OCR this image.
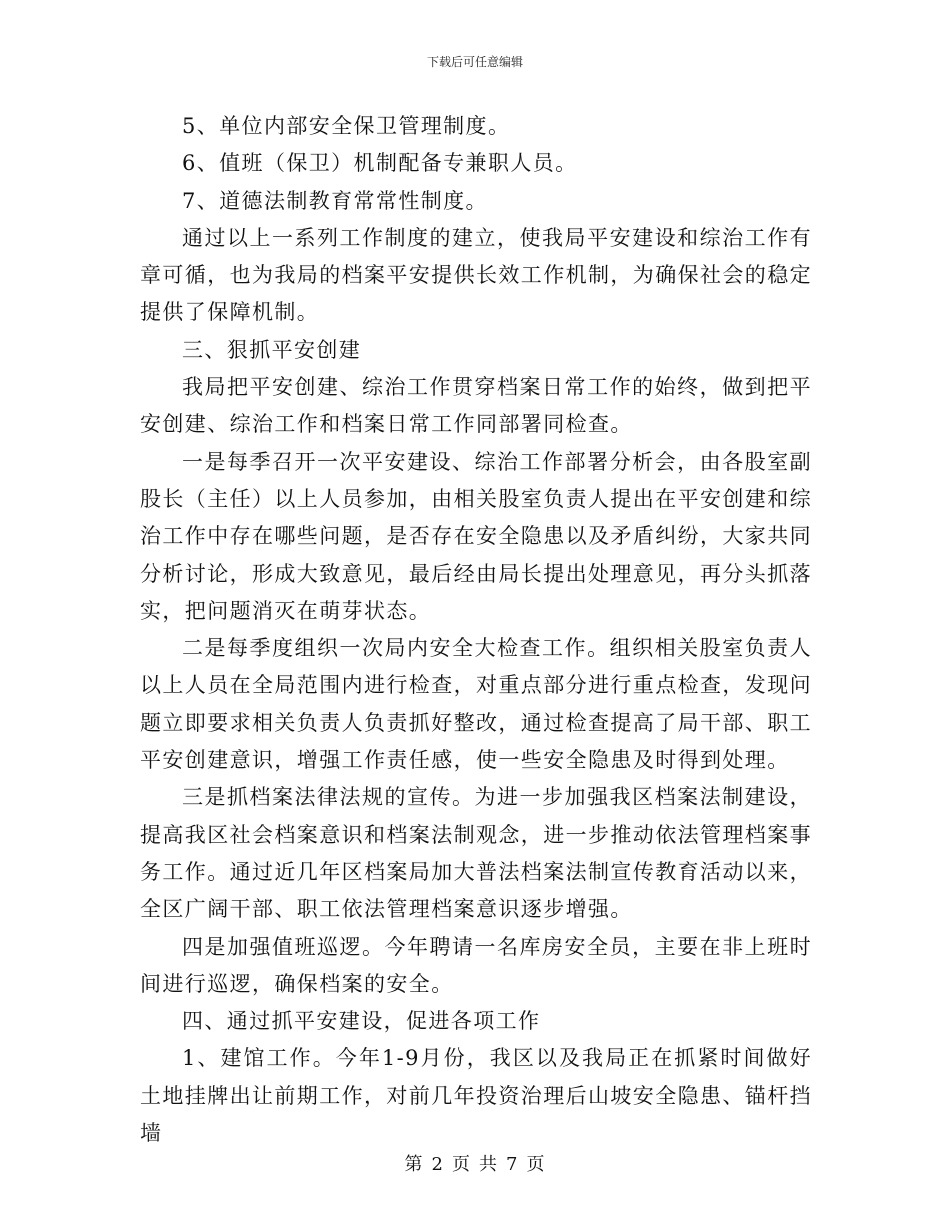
下载后可任意编辑

5、单位内部安全保卫管理制度。

6、值班（保卫）机制配备专兼职人员。

7、道德法制教育常常性制度。

通过以上一系列工作制度的建立，使我局平安建设和综治工作有章可循，也为我局的档案平安提供长效工作机制，为确保社会的稳定提供了保障机制。

三、狠抓平安创建

我局把平安创建、综治工作贯穿档案日常工作的始终，做到把平安创建、综治工作和档案日常工作同部署同检查。

一是每季召开一次平安建设、综治工作部署分析会，由各股室副股长（主任）以上人员参加，由相关股室负责人提出在平安创建和综治工作中存在哪些问题，是否存在安全隐患以及矛盾纠纷，大家共同分析讨论，形成大致意见，最后经由局长提出处理意见，再分头抓落实，把问题消灭在萌芽状态。

二是每季度组织一次局内安全大检查工作。组织相关股室负责人以上人员在全局范围内进行检查，对重点部分进行重点检查，发现问题立即要求相关负责人负责抓好整改，通过检查提高了局干部、职工平安创建意识，增强工作责任感，使一些安全隐患及时得到处理。

三是抓档案法律法规的宣传。为进一步加强我区档案法制建设，提高我区社会档案意识和档案法制观念，进一步推动依法管理档案事务工作。通过近几年区档案局加大普法档案法制宣传教育活动以来，全区广阔干部、职工依法管理档案意识逐步增强。

四是加强值班巡逻。今年聘请一名库房安全员，主要在非上班时间进行巡逻，确保档案的安全。

四、通过抓平安建设，促进各项工作

1、建馆工作。今年1-9月份，我区以及我局正在抓紧时间做好土地挂牌出让前期工作，对前几年投资治理后山坡安全隐患、锚杆挡墙

第 2 页 共 7 页
